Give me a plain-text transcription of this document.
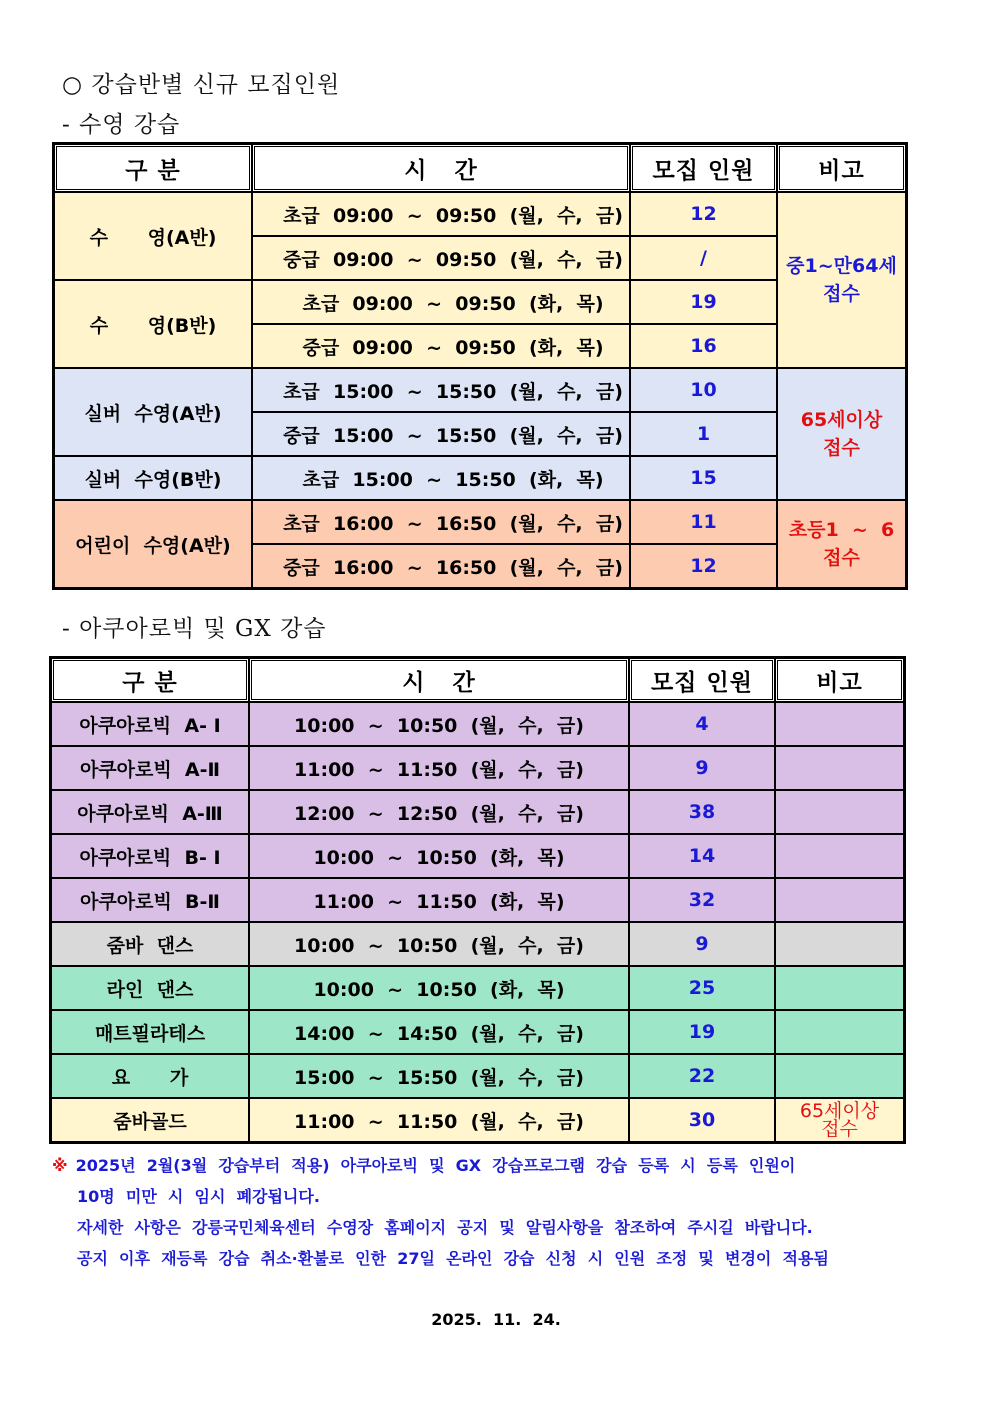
○ 강습반별 신규 모집인원
- 수영 강습
구 분	시   간	모집 인원	비고
수      영(A반)	초급  09:00  ~  09:50  (월,  수,  금)	12	중1~만64세
접수

	중급  09:00  ~  09:50  (월,  수,  금)	/	
수      영(B반)	초급  09:00  ~  09:50  (화,  목)	19	
	중급  09:00  ~  09:50  (화,  목)	16	
실버  수영(A반)	초급  15:00  ~  15:50  (월,  수,  금)	10	65세이상
접수

	중급  15:00  ~  15:50  (월,  수,  금)	1	
실버  수영(B반)	초급  15:00  ~  15:50  (화,  목)	15	
어린이  수영(A반)	초급  16:00  ~  16:50  (월,  수,  금)	11	초등1  ~  6
접수

	중급  16:00  ~  16:50  (월,  수,  금)	12	
- 아쿠아로빅 및 GX 강습
구 분	시   간	모집 인원	비고
아쿠아로빅  A- Ⅰ	10:00  ~  10:50  (월,  수,  금)	4	
아쿠아로빅  A-Ⅱ	11:00  ~  11:50  (월,  수,  금)	9	
아쿠아로빅  A-Ⅲ	12:00  ~  12:50  (월,  수,  금)	38	
아쿠아로빅  B- Ⅰ	10:00  ~  10:50  (화,  목)	14	
아쿠아로빅  B-Ⅱ	11:00  ~  11:50  (화,  목)	32	
줌바  댄스	10:00  ~  10:50  (월,  수,  금)	9	
라인  댄스	10:00  ~  10:50  (화,  목)	25	
매트필라테스	14:00  ~  14:50  (월,  수,  금)	19	
요      가	15:00  ~  15:50  (월,  수,  금)	22	
줌바골드	11:00  ~  11:50  (월,  수,  금)	30	65세이상
접수
※ 2025년  2월(3월  강습부터  적용)  아쿠아로빅  및  GX  강습프로그램  강습  등록  시  등록  인원이
10명  미만  시  임시  폐강됩니다.
자세한  사항은  강릉국민체육센터  수영장  홈페이지  공지  및  알림사항을  참조하여  주시길  바랍니다.
공지  이후  재등록  강습  취소·환불로  인한  27일  온라인  강습  신청  시  인원  조정  및  변경이  적용됨
2025.  11.  24.
